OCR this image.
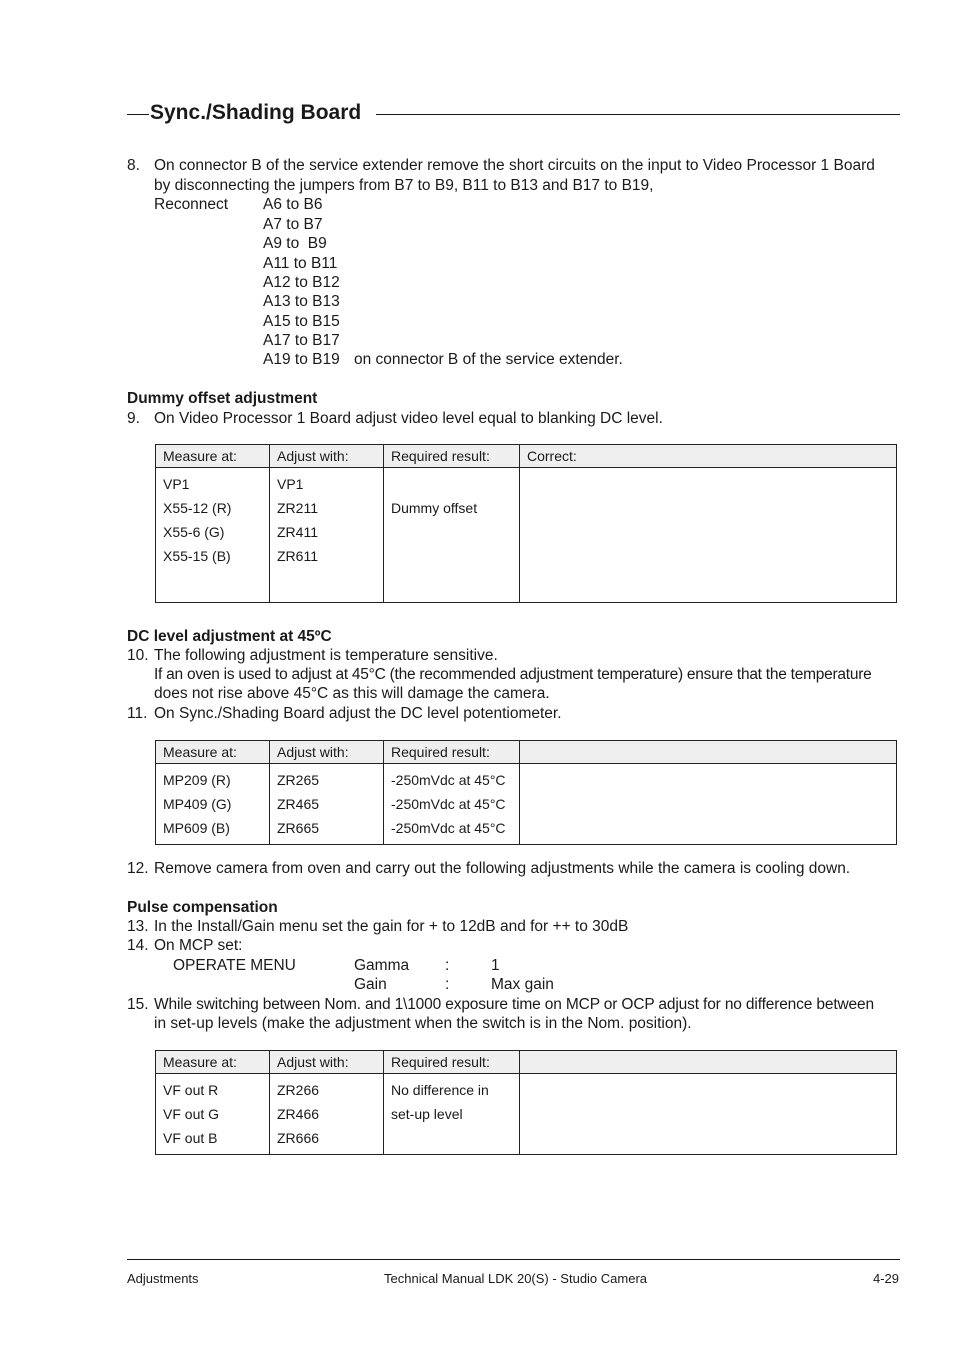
Sync./Shading Board
8. On connector B of the service extender remove the short circuits on the input to Video Processor 1 Board
by disconnecting the jumpers from B7 to B9, B11 to B13 and B17 to B19,
Reconnect A6 to B6
A7 to B7
A9 to  B9
A11 to B11
A12 to B12
A13 to B13
A15 to B15
A17 to B17
A19 to B19 on connector B of the service extender.
Dummy offset adjustment
9. On Video Processor 1 Board adjust video level equal to blanking DC level.
Measure at:	Adjust with:	Required result:	Correct:

VP1
X55-12 (R)
X55-6 (G)
X55-15 (B)	VP1
ZR211
ZR411
ZR611	Dummy offset	

DC level adjustment at 45ºC
10. The following adjustment is temperature sensitive.
If an oven is used to adjust at 45°C (the recommended adjustment temperature) ensure that the temperature
does not rise above 45°C as this will damage the camera.
11. On Sync./Shading Board adjust the DC level potentiometer.
Measure at:	Adjust with:	Required result:	

MP209 (R)
MP409 (G)
MP609 (B)	ZR265
ZR465
ZR665	-250mVdc at 45°C
-250mVdc at 45°C
-250mVdc at 45°C	

12. Remove camera from oven and carry out the following adjustments while the camera is cooling down.
Pulse compensation
13. In the Install/Gain menu set the gain for + to 12dB and for ++ to 30dB
14. On MCP set:
OPERATE MENU	Gamma :	1
Gain	:	Max gain
15. While switching between Nom. and 1\1000 exposure time on MCP or OCP adjust for no difference between
in set-up levels (make the adjustment when the switch is in the Nom. position).
Measure at:	Adjust with:	Required result:	

VF out R
VF out G
VF out B	ZR266
ZR466
ZR666	No difference in
set-up level	

Adjustments	Technical Manual LDK 20(S) - Studio Camera	4-29
